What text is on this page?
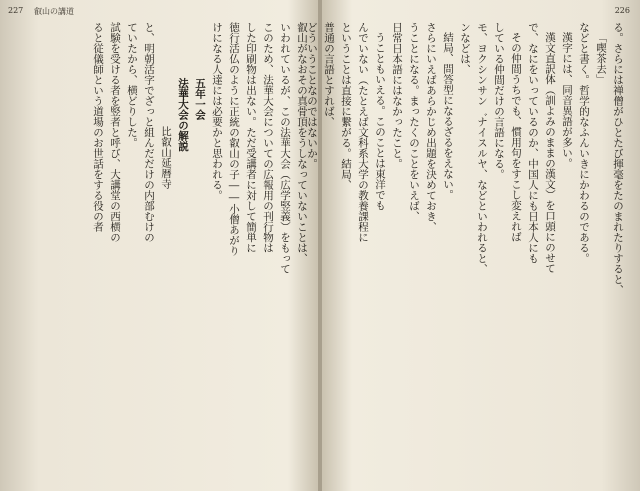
227 叡山の講道
叡山がなおその真骨頂をうしなっていないことは、
いわれているが、この法華大会（広学竪義）をもって
このため、法華大会についての広報用の刊行物は
した印刷物は出ない。ただ受講者に対して簡単に
徳行活仏のように正統の叡山の子――小僧あがり
けになる人達には必要かと思われる。
五年一会
法華大会の解説
比叡山延暦寺
と、明朝活字でざっと組んだだけの内部むけの
ていたから、横どりした。
試験を受ける者を竪者と呼び、大講堂の西横の
ると従儀師という道場のお世話をする役の者
226
る。さらには禅僧がひとたび揮毫をたのまれたりすると、
「喫茶去」
などと書く。哲学的なふんいきにかわるのである。
漢字には、同音異語が多い。
漢文直訳体（訓よみのままの漢文）を口頭にのせて
で、なにをいっているのか、中国人にも日本人にも
その仲間うちでも、慣用句をすこし変えれば
している仲間だけの言語になる。
モ、ヨクシンサン゛ナイスルヤ、などといわれると、
ンなどは、
結局、問答型になるざるをえない。
さらにいえばあらかじめ出題を決めておき、
うことになる。まったくのことをいえば、
日常日本語にはなかったこと。
うこともいえる。このことは東洋でも
んでいない（たとえば文科系大学の教養課程に
ということは直接に繋がる。結局、
普通の言語とすれば、
どういうことなのではないか。
